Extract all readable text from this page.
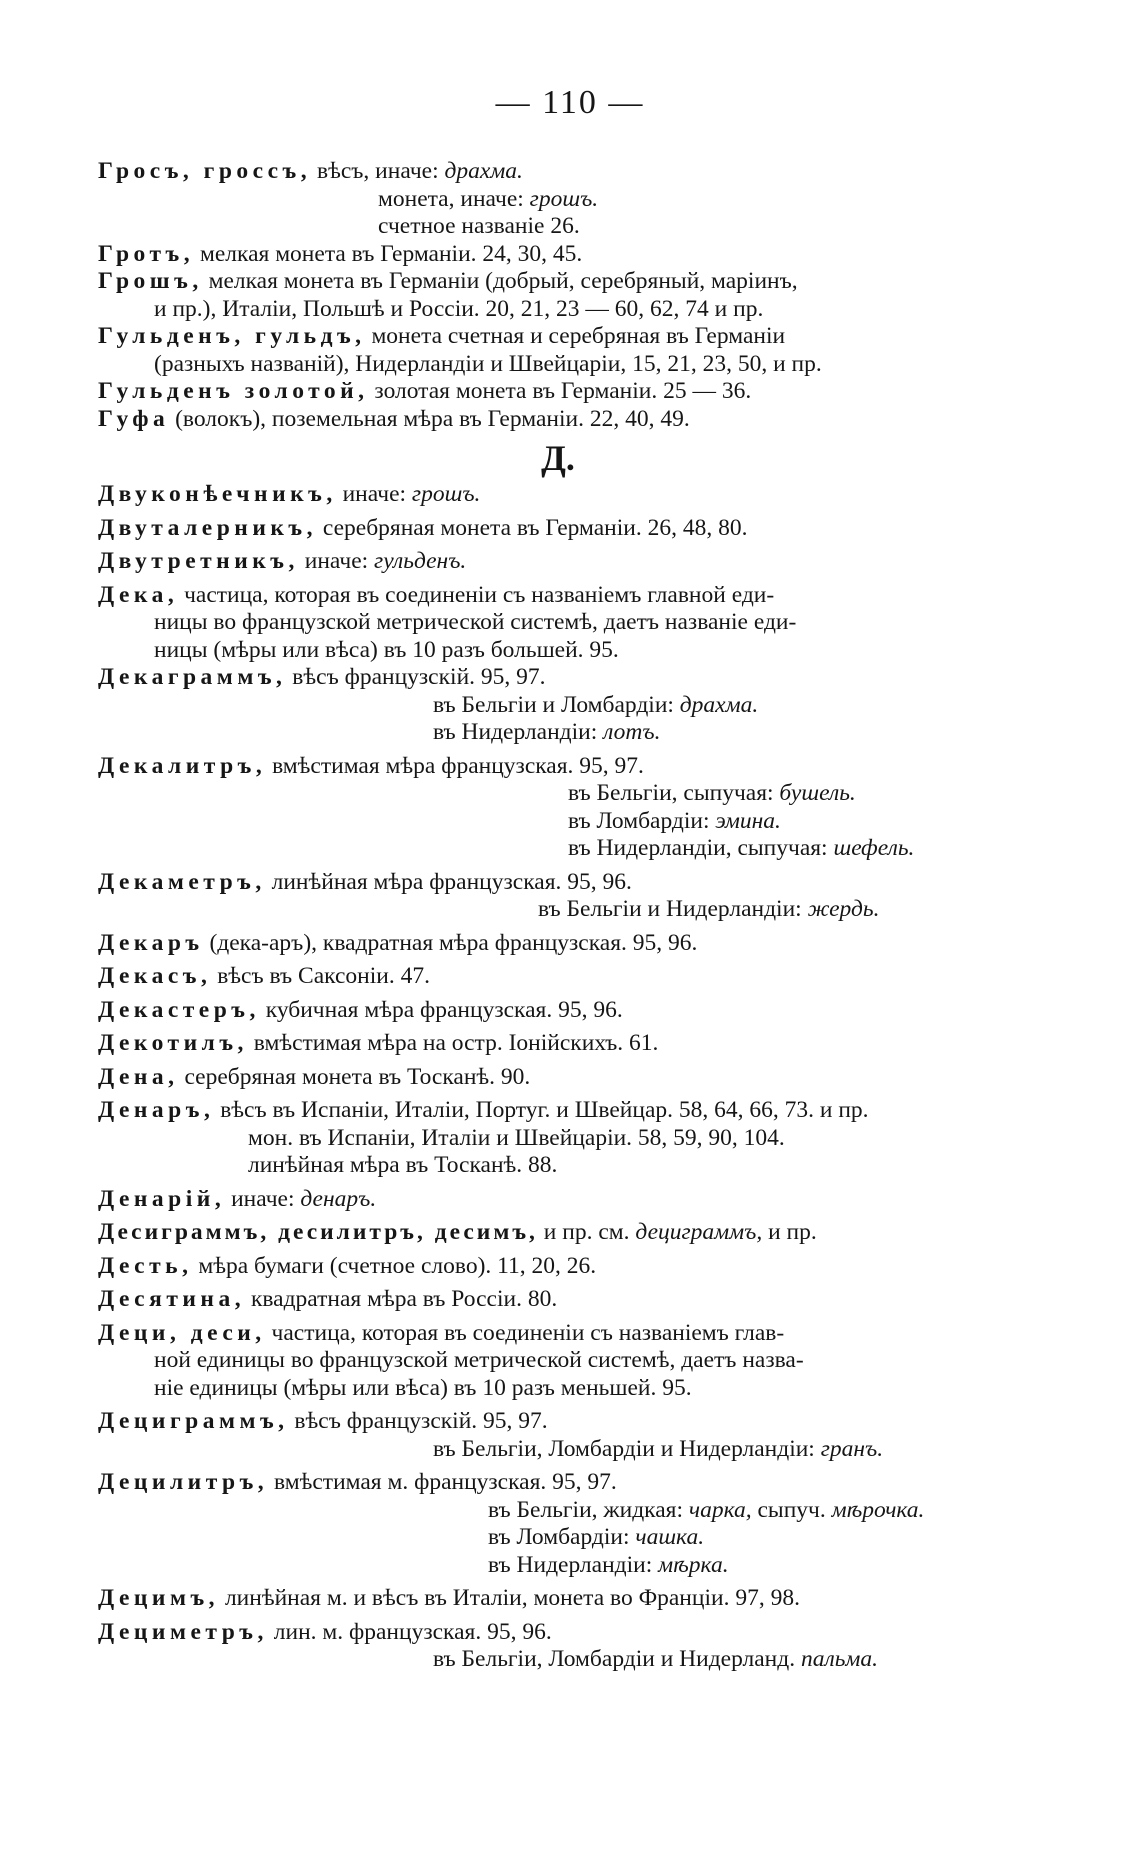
— 110 —
Гросъ, гроссъ, вѣсъ, иначе: драхма.
монета, иначе: грошъ.
счетное названіе 26.
Гротъ, мелкая монета въ Германіи. 24, 30, 45.
Грошъ, мелкая монета въ Германіи (добрый, серебряный, маріинъ,
и пр.), Италіи, Польшѣ и Россіи. 20, 21, 23 — 60, 62, 74 и пр.
Гульденъ, гульдъ, монета счетная и серебряная въ Германіи
(разныхъ названій), Нидерландіи и Швейцаріи, 15, 21, 23, 50, и пр.
Гульденъ золотой, золотая монета въ Германіи. 25 — 36.
Гуфа (волокъ), поземельная мѣра въ Германіи. 22, 40, 49.
Д.
Двуконѣечникъ, иначе: грошъ.
Двуталерникъ, серебряная монета въ Германіи. 26, 48, 80.
Двутретникъ, иначе: гульденъ.
Дека, частица, которая въ соединеніи съ названіемъ главной еди-
ницы во французской метрической системѣ, даетъ названіе еди-
ницы (мѣры или вѣса) въ 10 разъ большей. 95.
Декаграммъ, вѣсъ французскій. 95, 97.
въ Бельгіи и Ломбардіи: драхма.
въ Нидерландіи: лотъ.
Декалитръ, вмѣстимая мѣра французская. 95, 97.
въ Бельгіи, сыпучая: бушель.
въ Ломбардіи: эмина.
въ Нидерландіи, сыпучая: шефель.
Декаметръ, линѣйная мѣра французская. 95, 96.
въ Бельгіи и Нидерландіи: жердь.
Декаръ (дека-аръ), квадратная мѣра французская. 95, 96.
Декасъ, вѣсъ въ Саксоніи. 47.
Декастеръ, кубичная мѣра французская. 95, 96.
Декотилъ, вмѣстимая мѣра на остр. Іонійскихъ. 61.
Дена, серебряная монета въ Тосканѣ. 90.
Денаръ, вѣсъ въ Испаніи, Италіи, Португ. и Швейцар. 58, 64, 66, 73. и пр.
мон. въ Испаніи, Италіи и Швейцаріи. 58, 59, 90, 104.
линѣйная мѣра въ Тосканѣ. 88.
Денарій, иначе: денаръ.
Десиграммъ, десилитръ, десимъ, и пр. см. дециграммъ, и пр.
Десть, мѣра бумаги (счетное слово). 11, 20, 26.
Десятина, квадратная мѣра въ Россіи. 80.
Деци, деси, частица, которая въ соединеніи съ названіемъ глав-
ной единицы во французской метрической системѣ, даетъ назва-
ніе единицы (мѣры или вѣса) въ 10 разъ меньшей. 95.
Дециграммъ, вѣсъ французскій. 95, 97.
въ Бельгіи, Ломбардіи и Нидерландіи: гранъ.
Децилитръ, вмѣстимая м. французская. 95, 97.
въ Бельгіи, жидкая: чарка, сыпуч. мѣрочка.
въ Ломбардіи: чашка.
въ Нидерландіи: мѣрка.
Децимъ, линѣйная м. и вѣсъ въ Италіи, монета во Франціи. 97, 98.
Дециметръ, лин. м. французская. 95, 96.
въ Бельгіи, Ломбардіи и Нидерланд. пальма.
